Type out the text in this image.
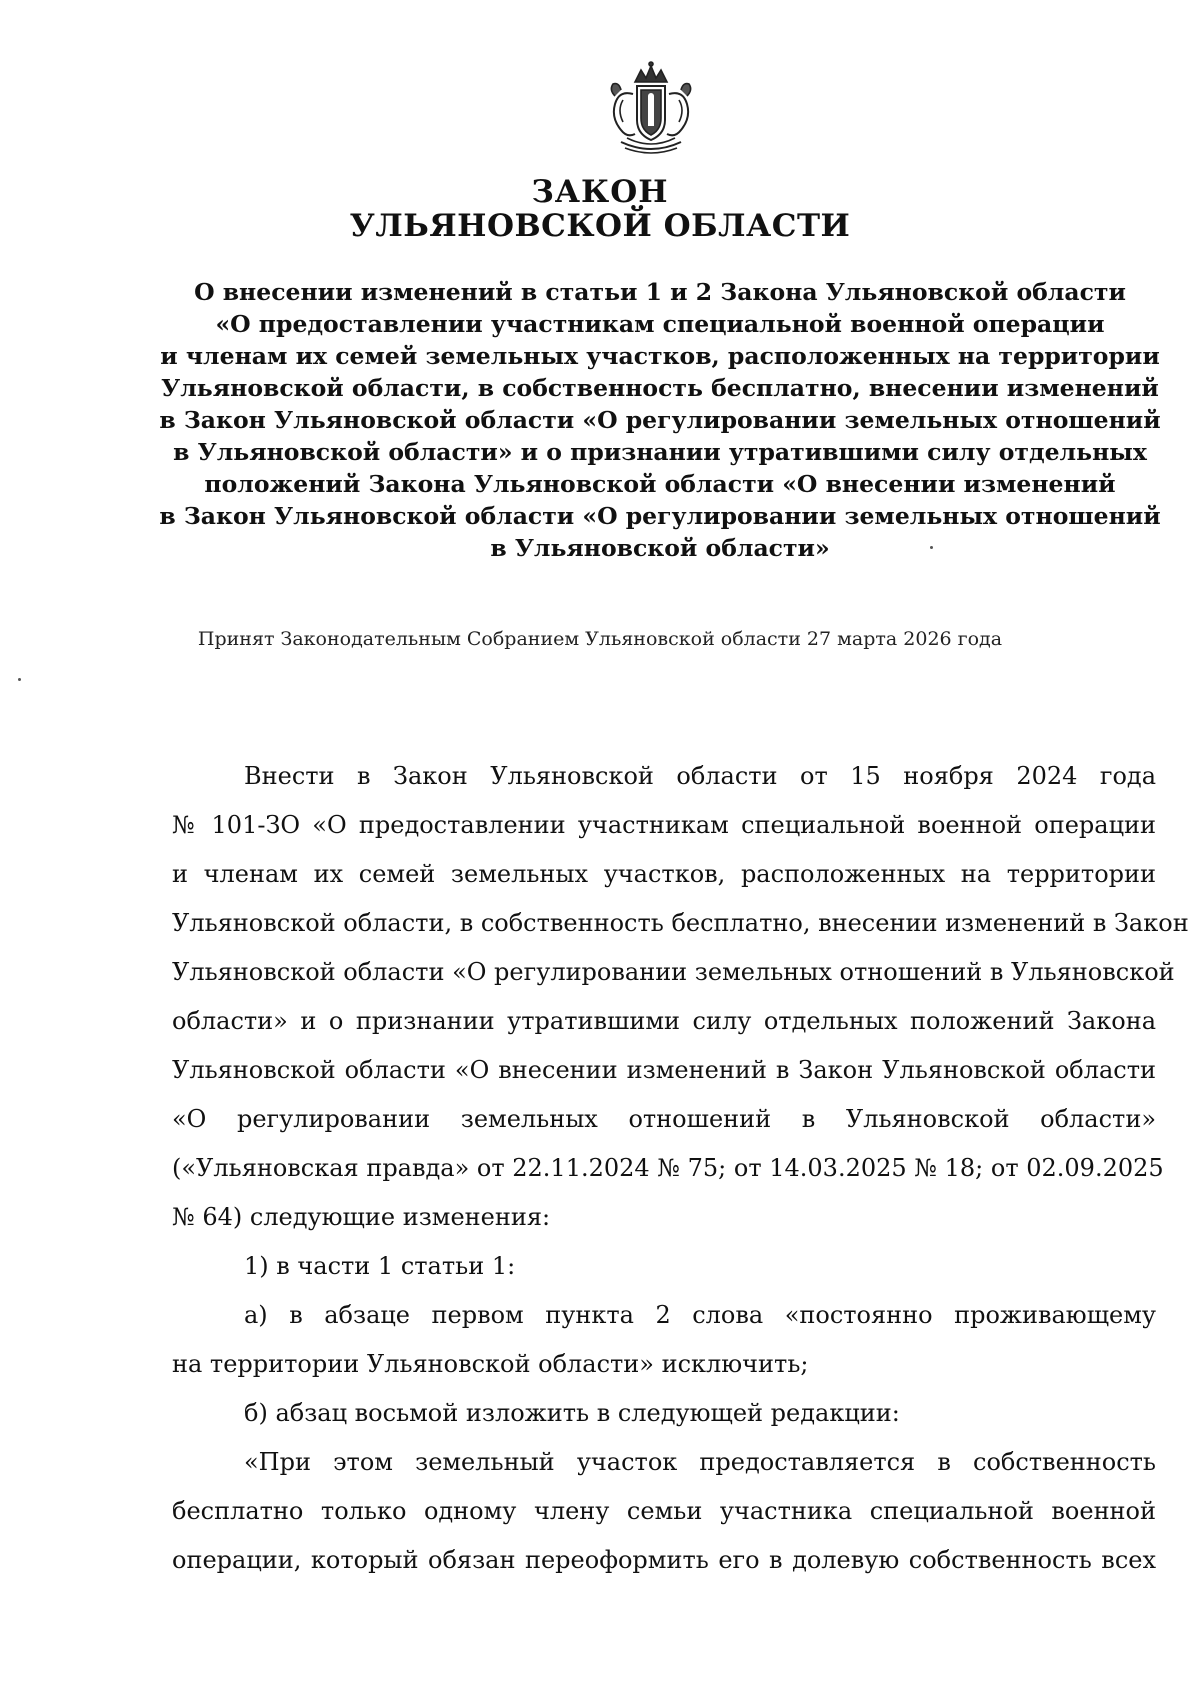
ЗАКОН
УЛЬЯНОВСКОЙ ОБЛАСТИ
О внесении изменений в статьи 1 и 2 Закона Ульяновской области
«О предоставлении участникам специальной военной операции
и членам их семей земельных участков, расположенных на территории
Ульяновской области, в собственность бесплатно, внесении изменений
в Закон Ульяновской области «О регулировании земельных отношений
в Ульяновской области» и о признании утратившими силу отдельных
положений Закона Ульяновской области «О внесении изменений
в Закон Ульяновской области «О регулировании земельных отношений
в Ульяновской области»
Принят Законодательным Собранием Ульяновской области 27 марта 2026 года
Внести в Закон Ульяновской области от 15 ноября 2024 года
№ 101-ЗО «О предоставлении участникам специальной военной операции
и членам их семей земельных участков, расположенных на территории
Ульяновской области, в собственность бесплатно, внесении изменений в Закон
Ульяновской области «О регулировании земельных отношений в Ульяновской
области» и о признании утратившими силу отдельных положений Закона
Ульяновской области «О внесении изменений в Закон Ульяновской области
«О регулировании земельных отношений в Ульяновской области»
(«Ульяновская правда» от 22.11.2024 № 75; от 14.03.2025 № 18; от 02.09.2025
№ 64) следующие изменения:
1) в части 1 статьи 1:
а) в абзаце первом пункта 2 слова «постоянно проживающему
на территории Ульяновской области» исключить;
б) абзац восьмой изложить в следующей редакции:
«При этом земельный участок предоставляется в собственность
бесплатно только одному члену семьи участника специальной военной
операции, который обязан переоформить его в долевую собственность всех
